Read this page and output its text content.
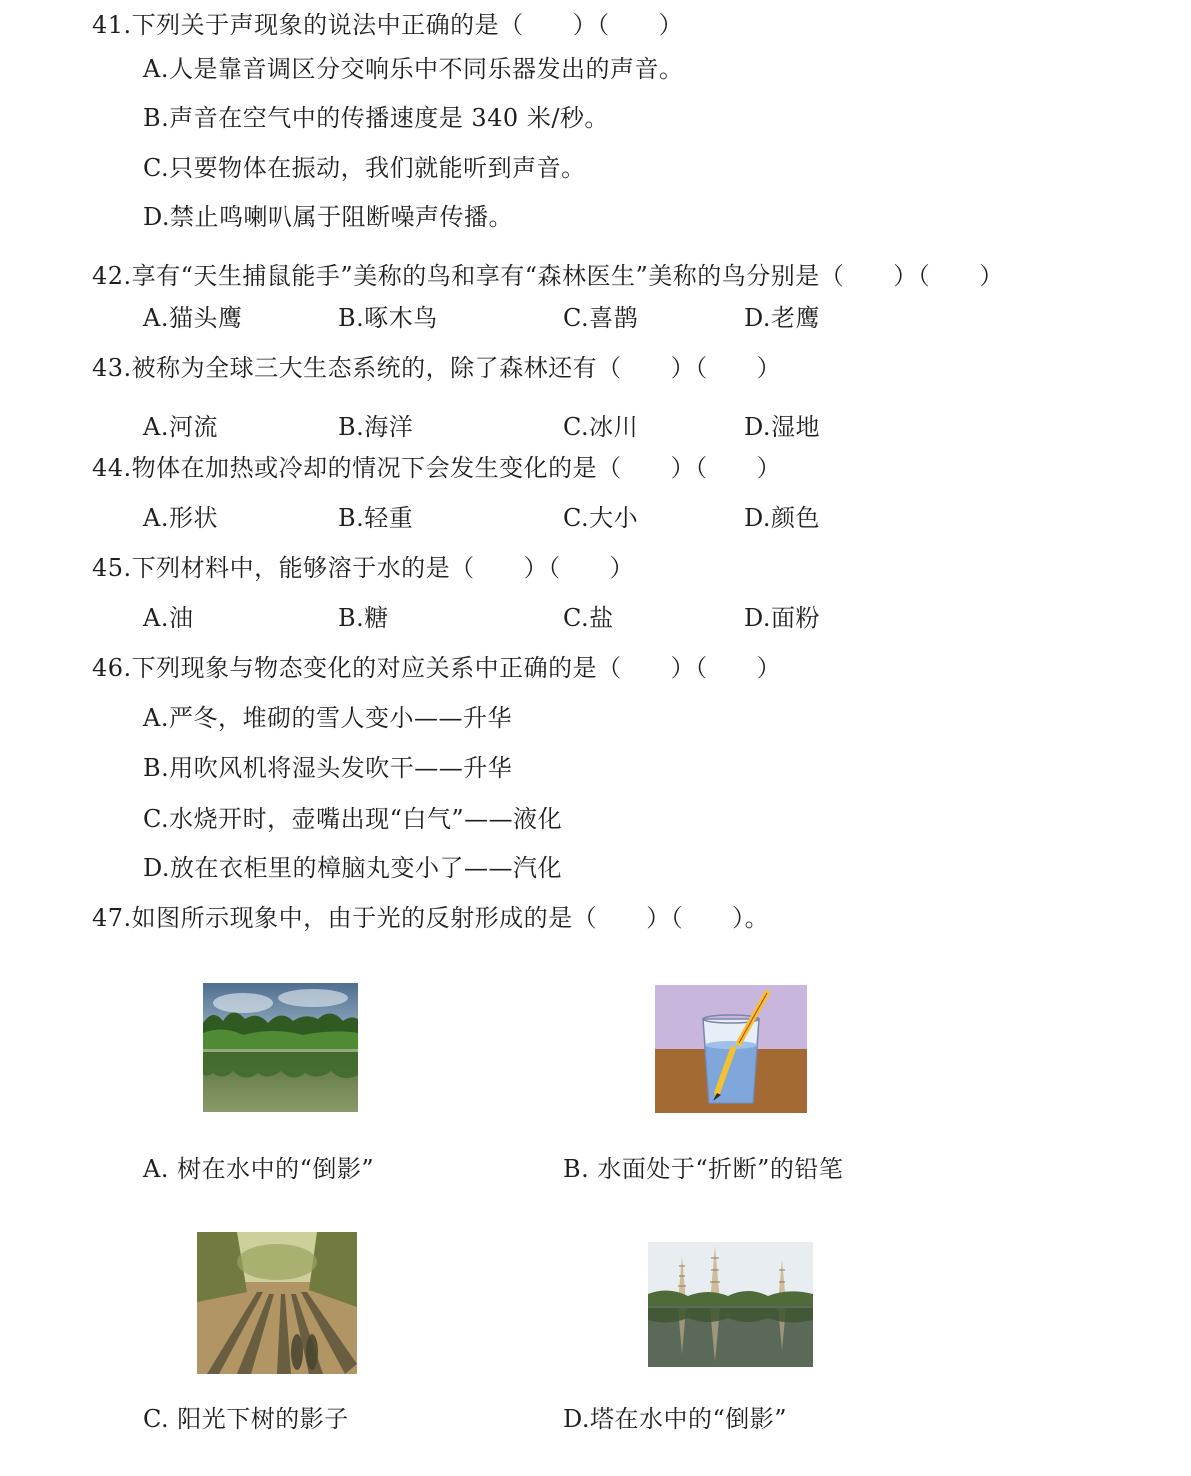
41.下列关于声现象的说法中正确的是（　　）（　　）
A.人是靠音调区分交响乐中不同乐器发出的声音。
B.声音在空气中的传播速度是 340 米/秒。
C.只要物体在振动，我们就能听到声音。
D.禁止鸣喇叭属于阻断噪声传播。
42.享有“天生捕鼠能手”美称的鸟和享有“森林医生”美称的鸟分别是（　　）（　　）
A.猫头鹰	B.啄木鸟	C.喜鹊	D.老鹰
43.被称为全球三大生态系统的，除了森林还有（　　）（　　）
A.河流	B.海洋	C.冰川	D.湿地
44.物体在加热或冷却的情况下会发生变化的是（　　）（　　）
A.形状	B.轻重	C.大小	D.颜色
45.下列材料中，能够溶于水的是（　　）（　　）
A.油	B.糖	C.盐	D.面粉
46.下列现象与物态变化的对应关系中正确的是（　　）（　　）
A.严冬，堆砌的雪人变小——升华
B.用吹风机将湿头发吹干——升华
C.水烧开时，壶嘴出现“白气”——液化
D.放在衣柜里的樟脑丸变小了——汽化
47.如图所示现象中，由于光的反射形成的是（　　）（　　）。
A. 树在水中的“倒影”	B. 水面处于“折断”的铅笔
C. 阳光下树的影子	D.塔在水中的“倒影”
